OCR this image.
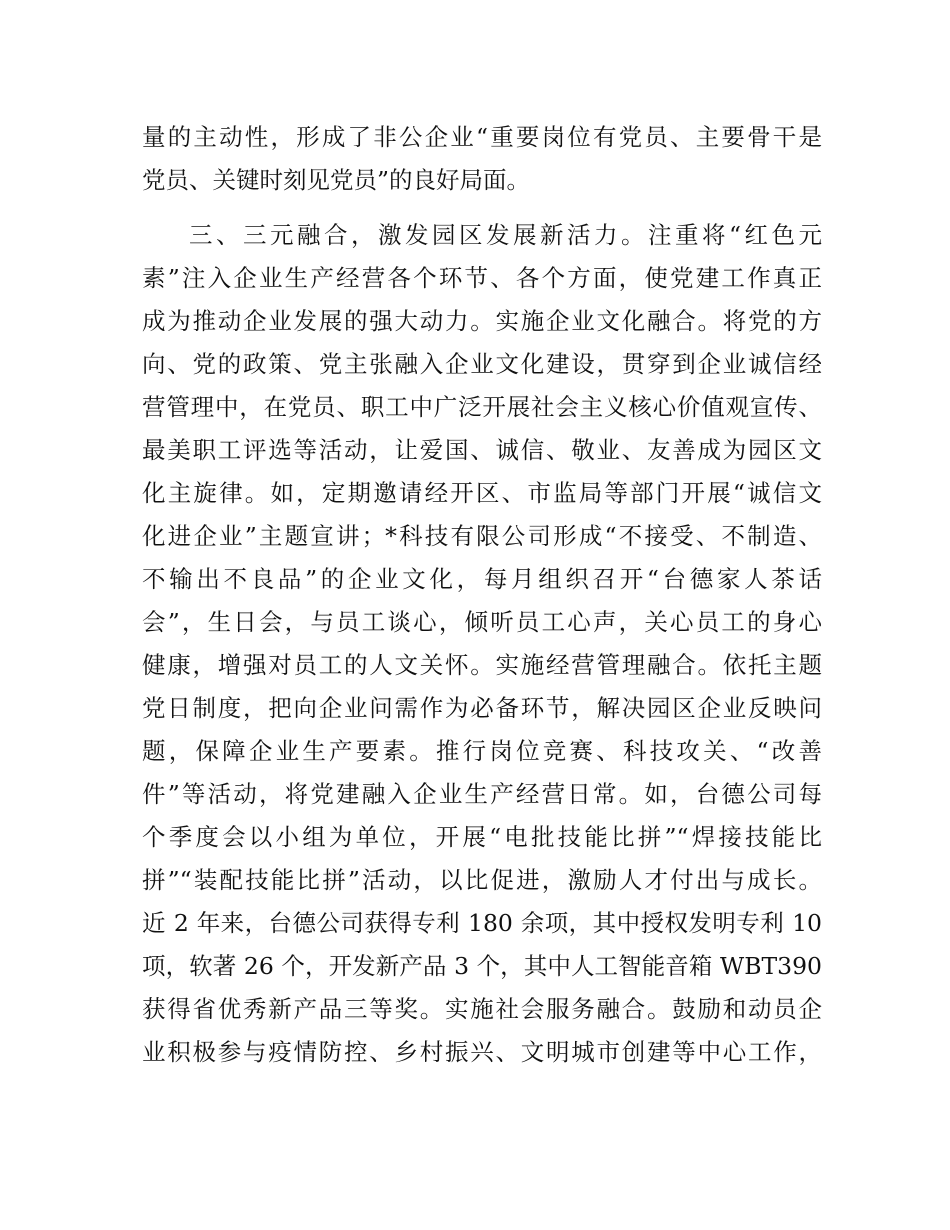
量的主动性，形成了非公企业“重要岗位有党员、主要骨干是
党员、关键时刻见党员”的良好局面。
三、三元融合，激发园区发展新活力。注重将“红色元
素”注入企业生产经营各个环节、各个方面，使党建工作真正
成为推动企业发展的强大动力。实施企业文化融合。将党的方
向、党的政策、党主张融入企业文化建设，贯穿到企业诚信经
营管理中，在党员、职工中广泛开展社会主义核心价值观宣传、
最美职工评选等活动，让爱国、诚信、敬业、友善成为园区文
化主旋律。如，定期邀请经开区、市监局等部门开展“诚信文
化进企业”主题宣讲；*科技有限公司形成“不接受、不制造、
不输出不良品”的企业文化，每月组织召开“台德家人茶话
会”，生日会，与员工谈心，倾听员工心声，关心员工的身心
健康，增强对员工的人文关怀。实施经营管理融合。依托主题
党日制度，把向企业问需作为必备环节，解决园区企业反映问
题，保障企业生产要素。推行岗位竞赛、科技攻关、“改善
件”等活动，将党建融入企业生产经营日常。如，台德公司每
个季度会以小组为单位，开展“电批技能比拼”“焊接技能比
拼”“装配技能比拼”活动，以比促进，激励人才付出与成长。
近 2 年来，台德公司获得专利 180 余项，其中授权发明专利 10
项，软著 26 个，开发新产品 3 个，其中人工智能音箱 WBT390
获得省优秀新产品三等奖。实施社会服务融合。鼓励和动员企
业积极参与疫情防控、乡村振兴、文明城市创建等中心工作，
